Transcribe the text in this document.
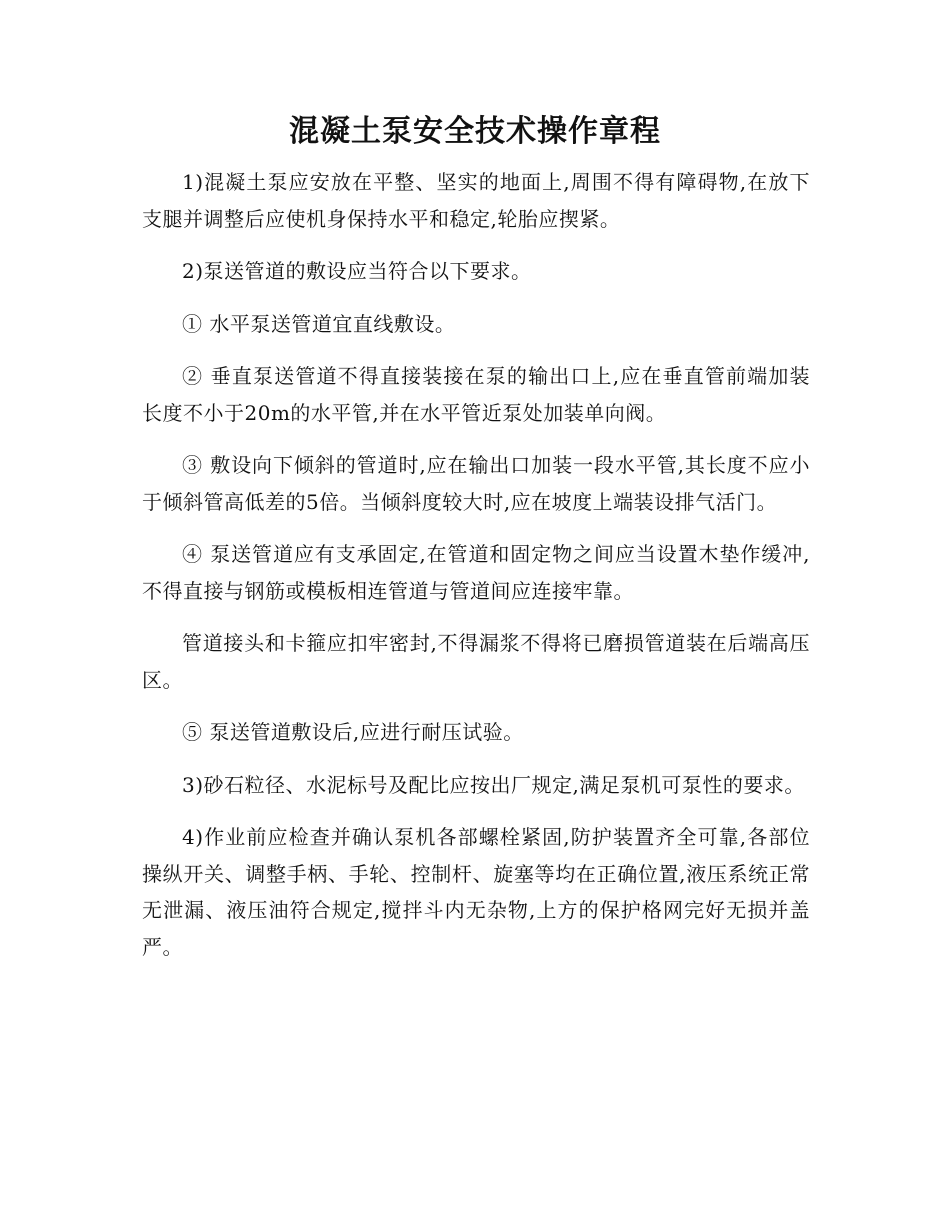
混凝土泵安全技术操作章程

1)混凝土泵应安放在平整、坚实的地面上,周围不得有障碍物,在放下支腿并调整后应使机身保持水平和稳定,轮胎应揳紧。

2)泵送管道的敷设应当符合以下要求。

① 水平泵送管道宜直线敷设。

② 垂直泵送管道不得直接装接在泵的输出口上,应在垂直管前端加装长度不小于20m的水平管,并在水平管近泵处加装单向阀。

③ 敷设向下倾斜的管道时,应在输出口加装一段水平管,其长度不应小于倾斜管高低差的5倍。当倾斜度较大时,应在坡度上端装设排气活门。

④ 泵送管道应有支承固定,在管道和固定物之间应当设置木垫作缓冲,不得直接与钢筋或模板相连管道与管道间应连接牢靠。

管道接头和卡箍应扣牢密封,不得漏浆不得将已磨损管道装在后端高压区。

⑤ 泵送管道敷设后,应进行耐压试验。

3)砂石粒径、水泥标号及配比应按出厂规定,满足泵机可泵性的要求。

4)作业前应检查并确认泵机各部螺栓紧固,防护装置齐全可靠,各部位操纵开关、调整手柄、手轮、控制杆、旋塞等均在正确位置,液压系统正常无泄漏、液压油符合规定,搅拌斗内无杂物,上方的保护格网完好无损并盖严。
